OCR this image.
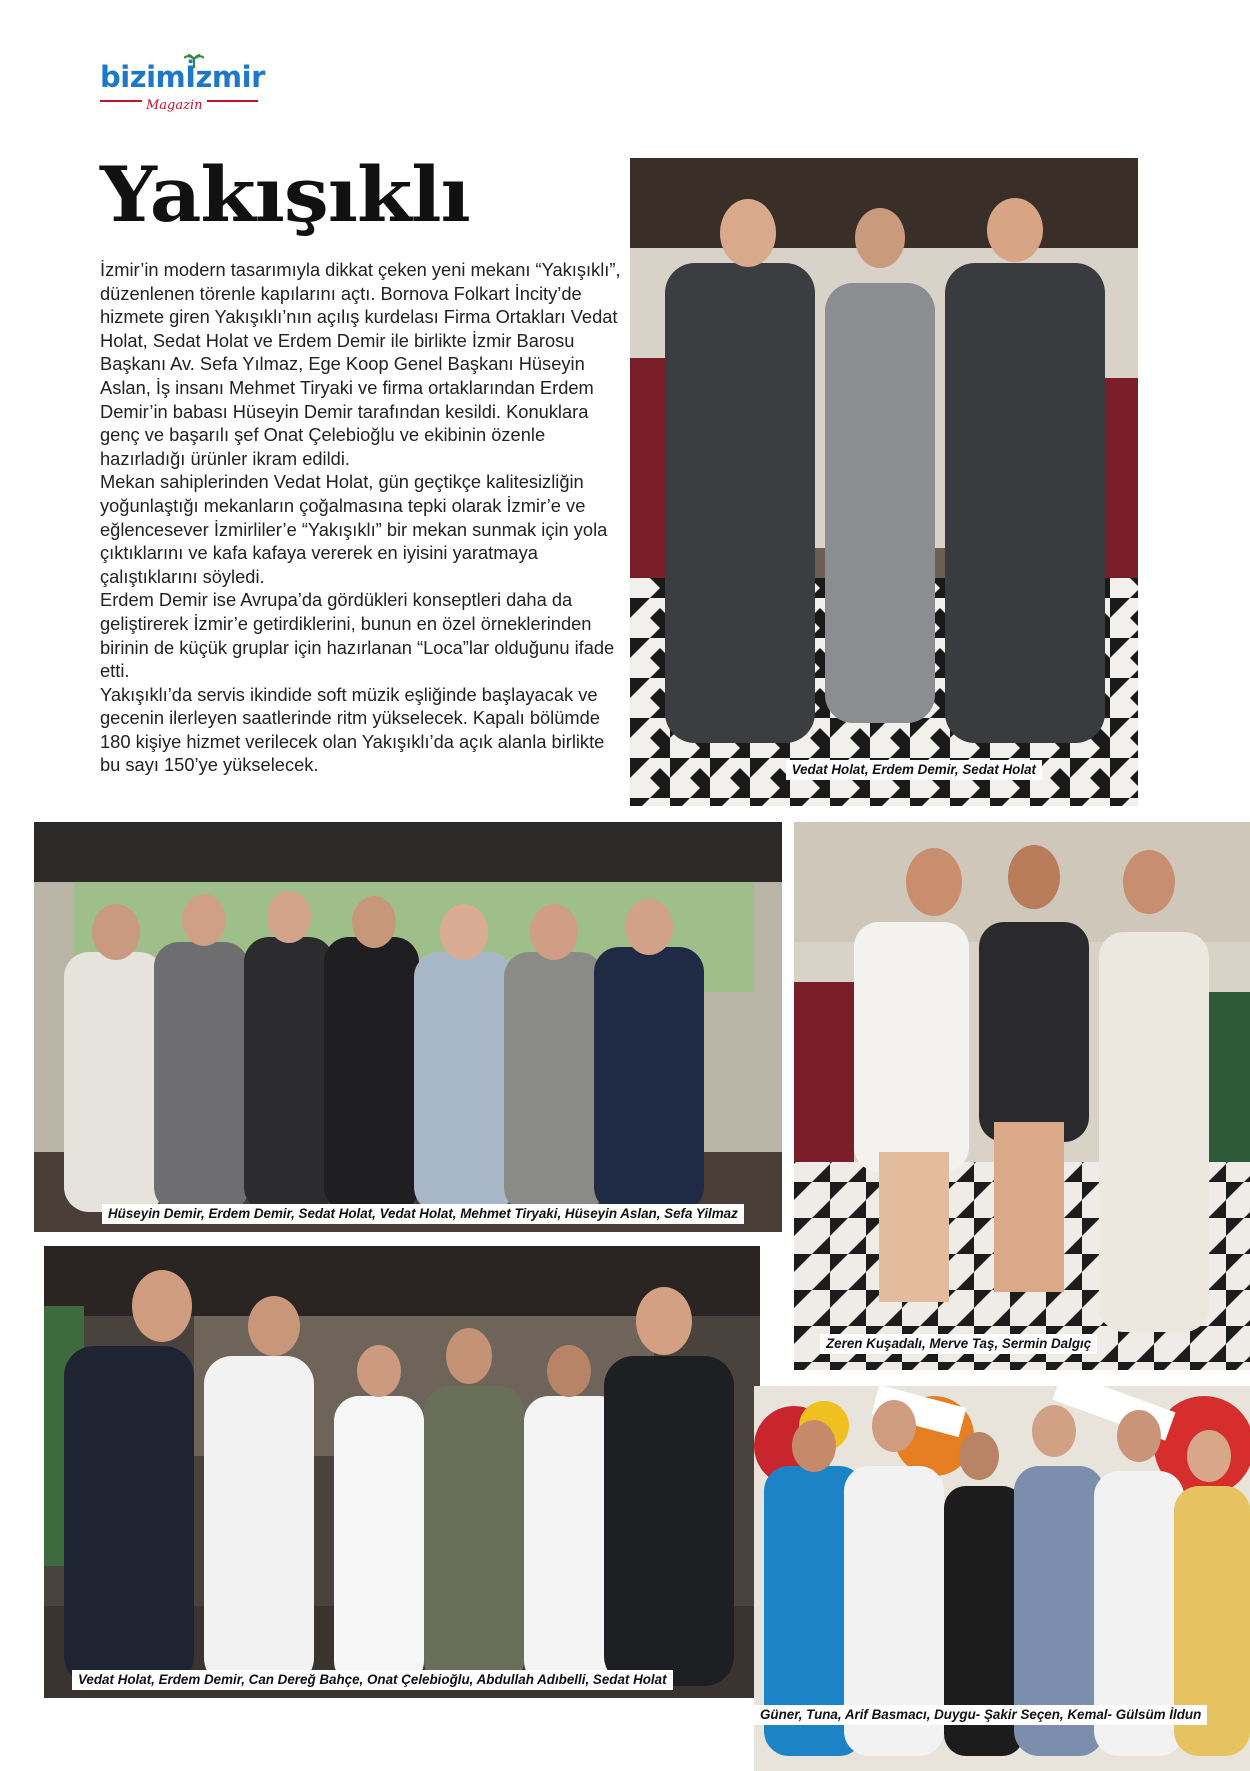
bizimİzmir
Magazin
Yakışıklı

İzmir’in modern tasarımıyla dikkat çeken yeni mekanı “Yakışıklı”, düzenlenen törenle kapılarını açtı. Bornova Folkart İncity’de hizmete giren Yakışıklı’nın açılış kurdelası Firma Ortakları Vedat Holat, Sedat Holat ve Erdem Demir ile birlikte İzmir Barosu Başkanı Av. Sefa Yılmaz, Ege Koop Genel Başkanı Hüseyin Aslan, İş insanı Mehmet Tiryaki ve firma ortaklarından Erdem Demir’in babası Hüseyin Demir tarafından kesildi. Konuklara genç ve başarılı şef Onat Çelebioğlu ve ekibinin özenle hazırladığı ürünler ikram edildi.

Mekan sahiplerinden Vedat Holat, gün geçtikçe kalitesizliğin yoğunlaştığı mekanların çoğalmasına tepki olarak İzmir’e ve eğlencesever İzmirliler’e “Yakışıklı” bir mekan sunmak için yola çıktıklarını ve kafa kafaya vererek en iyisini yaratmaya çalıştıklarını söyledi.

Erdem Demir ise Avrupa’da gördükleri konseptleri daha da geliştirerek İzmir’e getirdiklerini, bunun en özel örneklerinden birinin de küçük gruplar için hazırlanan “Loca”lar olduğunu ifade etti.

Yakışıklı’da servis ikindide soft müzik eşliğinde başlayacak ve gecenin ilerleyen saatlerinde ritm yükselecek. Kapalı bölümde 180 kişiye hizmet verilecek olan Yakışıklı’da açık alanla birlikte bu sayı 150’ye yükselecek.	Vedat Holat, Erdem Demir, Sedat Holat
Hüseyin Demir, Erdem Demir, Sedat Holat, Vedat Holat, Mehmet Tiryaki, Hüseyin Aslan, Sefa Yilmaz
Zeren Kuşadalı, Merve Taş, Sermin Dalgıç
Vedat Holat, Erdem Demir, Can Dereğ Bahçe, Onat Çelebioğlu, Abdullah Adıbelli, Sedat Holat
Güner, Tuna, Arif Basmacı, Duygu- Şakir Seçen, Kemal- Gülsüm İldun
